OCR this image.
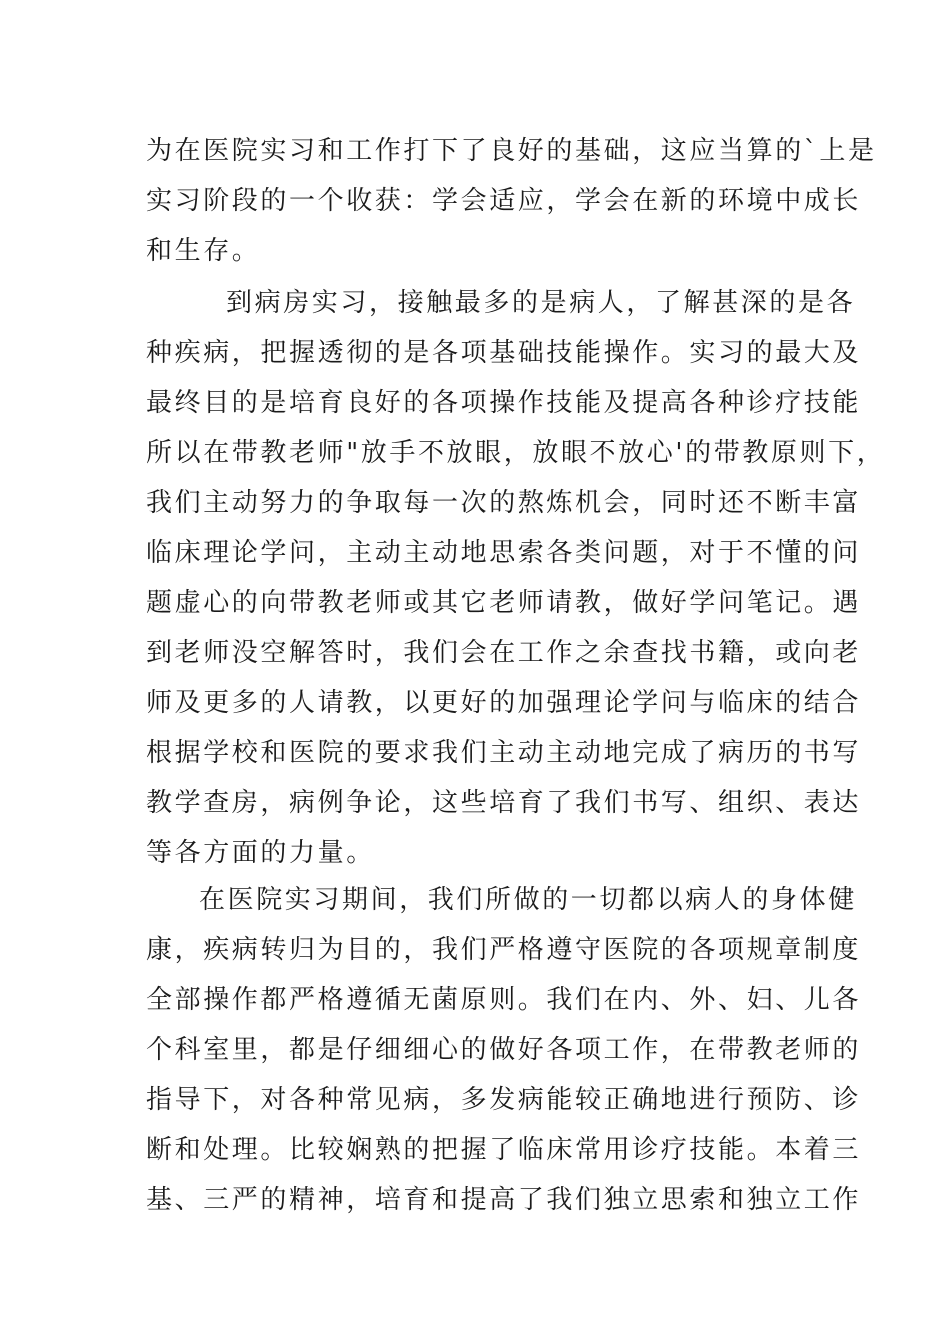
为在医院实习和工作打下了良好的基础，这应当算的`上是
实习阶段的一个收获：学会适应，学会在新的环境中成长
和生存。
到病房实习，接触最多的是病人，了解甚深的是各
种疾病，把握透彻的是各项基础技能操作。实习的最大及
最终目的是培育良好的各项操作技能及提高各种诊疗技能
所以在带教老师"放手不放眼，放眼不放心'的带教原则下，
我们主动努力的争取每一次的熬炼机会，同时还不断丰富
临床理论学问，主动主动地思索各类问题，对于不懂的问
题虚心的向带教老师或其它老师请教，做好学问笔记。遇
到老师没空解答时，我们会在工作之余查找书籍，或向老
师及更多的人请教，以更好的加强理论学问与临床的结合
根据学校和医院的要求我们主动主动地完成了病历的书写
教学查房，病例争论，这些培育了我们书写、组织、表达
等各方面的力量。
在医院实习期间，我们所做的一切都以病人的身体健
康，疾病转归为目的，我们严格遵守医院的各项规章制度
全部操作都严格遵循无菌原则。我们在内、外、妇、儿各
个科室里，都是仔细细心的做好各项工作，在带教老师的
指导下，对各种常见病，多发病能较正确地进行预防、诊
断和处理。比较娴熟的把握了临床常用诊疗技能。本着三
基、三严的精神，培育和提高了我们独立思索和独立工作
